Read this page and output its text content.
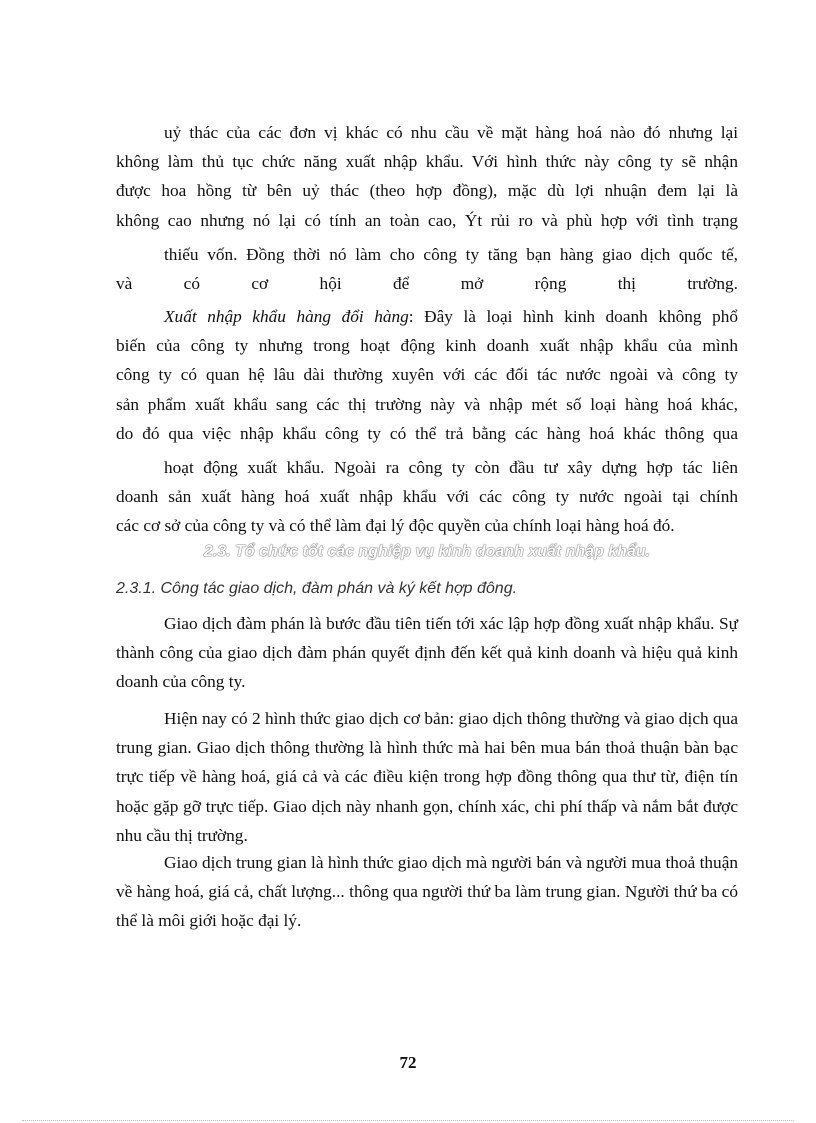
uỷ thác của các đơn vị khác có nhu cầu về mặt hàng hoá nào đó nhưng lại

không làm thủ tục chức năng xuất nhập khẩu. Với hình thức này công ty sẽ nhận

được hoa hồng từ bên uỷ thác (theo hợp đồng), mặc dù lợi nhuận đem lại là

không cao nhưng nó lại có tính an toàn cao, Ýt rủi ro và phù hợp với tình trạng

thiếu vốn. Đồng thời nó làm cho công ty tăng bạn hàng giao dịch quốc tế,

và có cơ hội để mở rộng thị trường.

Xuất nhập khẩu hàng đổi hàng: Đây là loại hình kinh doanh không phổ

biến của công ty nhưng trong hoạt động kinh doanh xuất nhập khẩu của mình

công ty có quan hệ lâu dài thường xuyên với các đối tác nước ngoài và công ty

sản phẩm xuất khẩu sang các thị trường này và nhập mét số loại hàng hoá khác,

do đó qua việc nhập khẩu công ty có thể trả bằng các hàng hoá khác thông qua

hoạt động xuất khẩu. Ngoài ra công ty còn đầu tư xây dựng hợp tác liên

doanh sản xuất hàng hoá xuất nhập khẩu với các công ty nước ngoài tại chính

các cơ sở của công ty và có thể làm đại lý độc quyền của chính loại hàng hoá đó.

2.3. Tổ chức tốt các nghiệp vụ kinh doanh xuất nhập khẩu.
2.3.1. Công tác giao dịch, đàm phán và ký kết hợp đông.

Giao dịch đàm phán là bước đầu tiên tiến tới xác lập hợp đồng xuất nhập khẩu. Sự thành công của giao dịch đàm phán quyết định đến kết quả kinh doanh và hiệu quả kinh doanh của công ty.

Hiện nay có 2 hình thức giao dịch cơ bản: giao dịch thông thường và giao dịch qua trung gian. Giao dịch thông thường là hình thức mà hai bên mua bán thoả thuận bàn bạc trực tiếp về hàng hoá, giá cả và các điều kiện trong hợp đồng thông qua thư từ, điện tín hoặc gặp gỡ trực tiếp. Giao dịch này nhanh gọn, chính xác, chi phí thấp và nắm bắt được nhu cầu thị trường.

Giao dịch trung gian là hình thức giao dịch mà người bán và người mua thoả thuận về hàng hoá, giá cả, chất lượng... thông qua người thứ ba làm trung gian. Người thứ ba có thể là môi giới hoặc đại lý.

72
